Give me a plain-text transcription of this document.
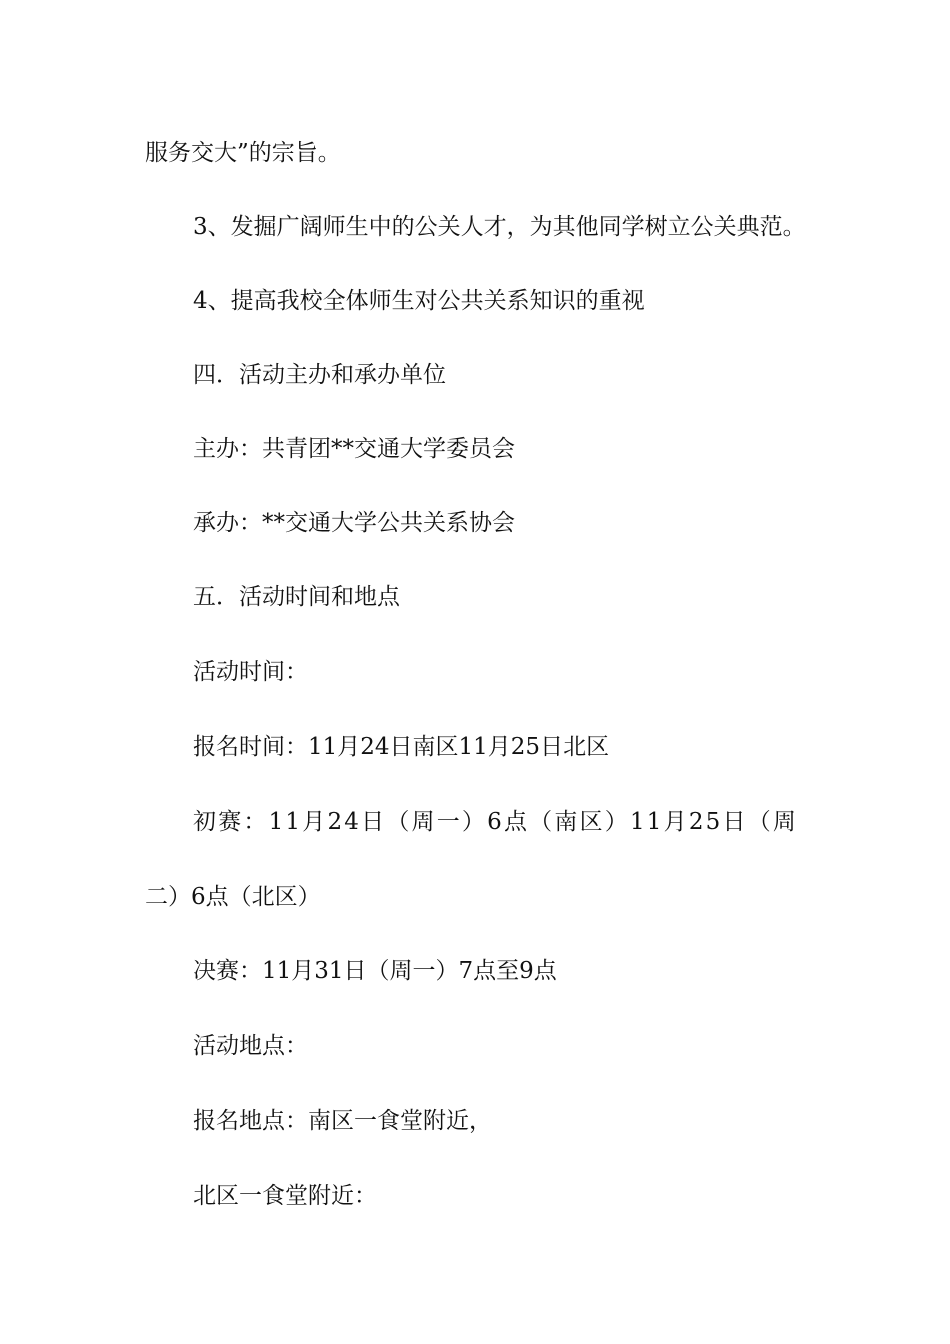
服务交大”的宗旨。
3、发掘广阔师生中的公关人才，为其他同学树立公关典范。
4、提高我校全体师生对公共关系知识的重视
四．活动主办和承办单位
主办：共青团**交通大学委员会
承办：**交通大学公共关系协会
五．活动时间和地点
活动时间：
报名时间：11月24日南区11月25日北区
初赛：11月24日（周一）6点（南区）11月25日（周
二）6点（北区）
决赛：11月31日（周一）7点至9点
活动地点：
报名地点：南区一食堂附近，
北区一食堂附近：
